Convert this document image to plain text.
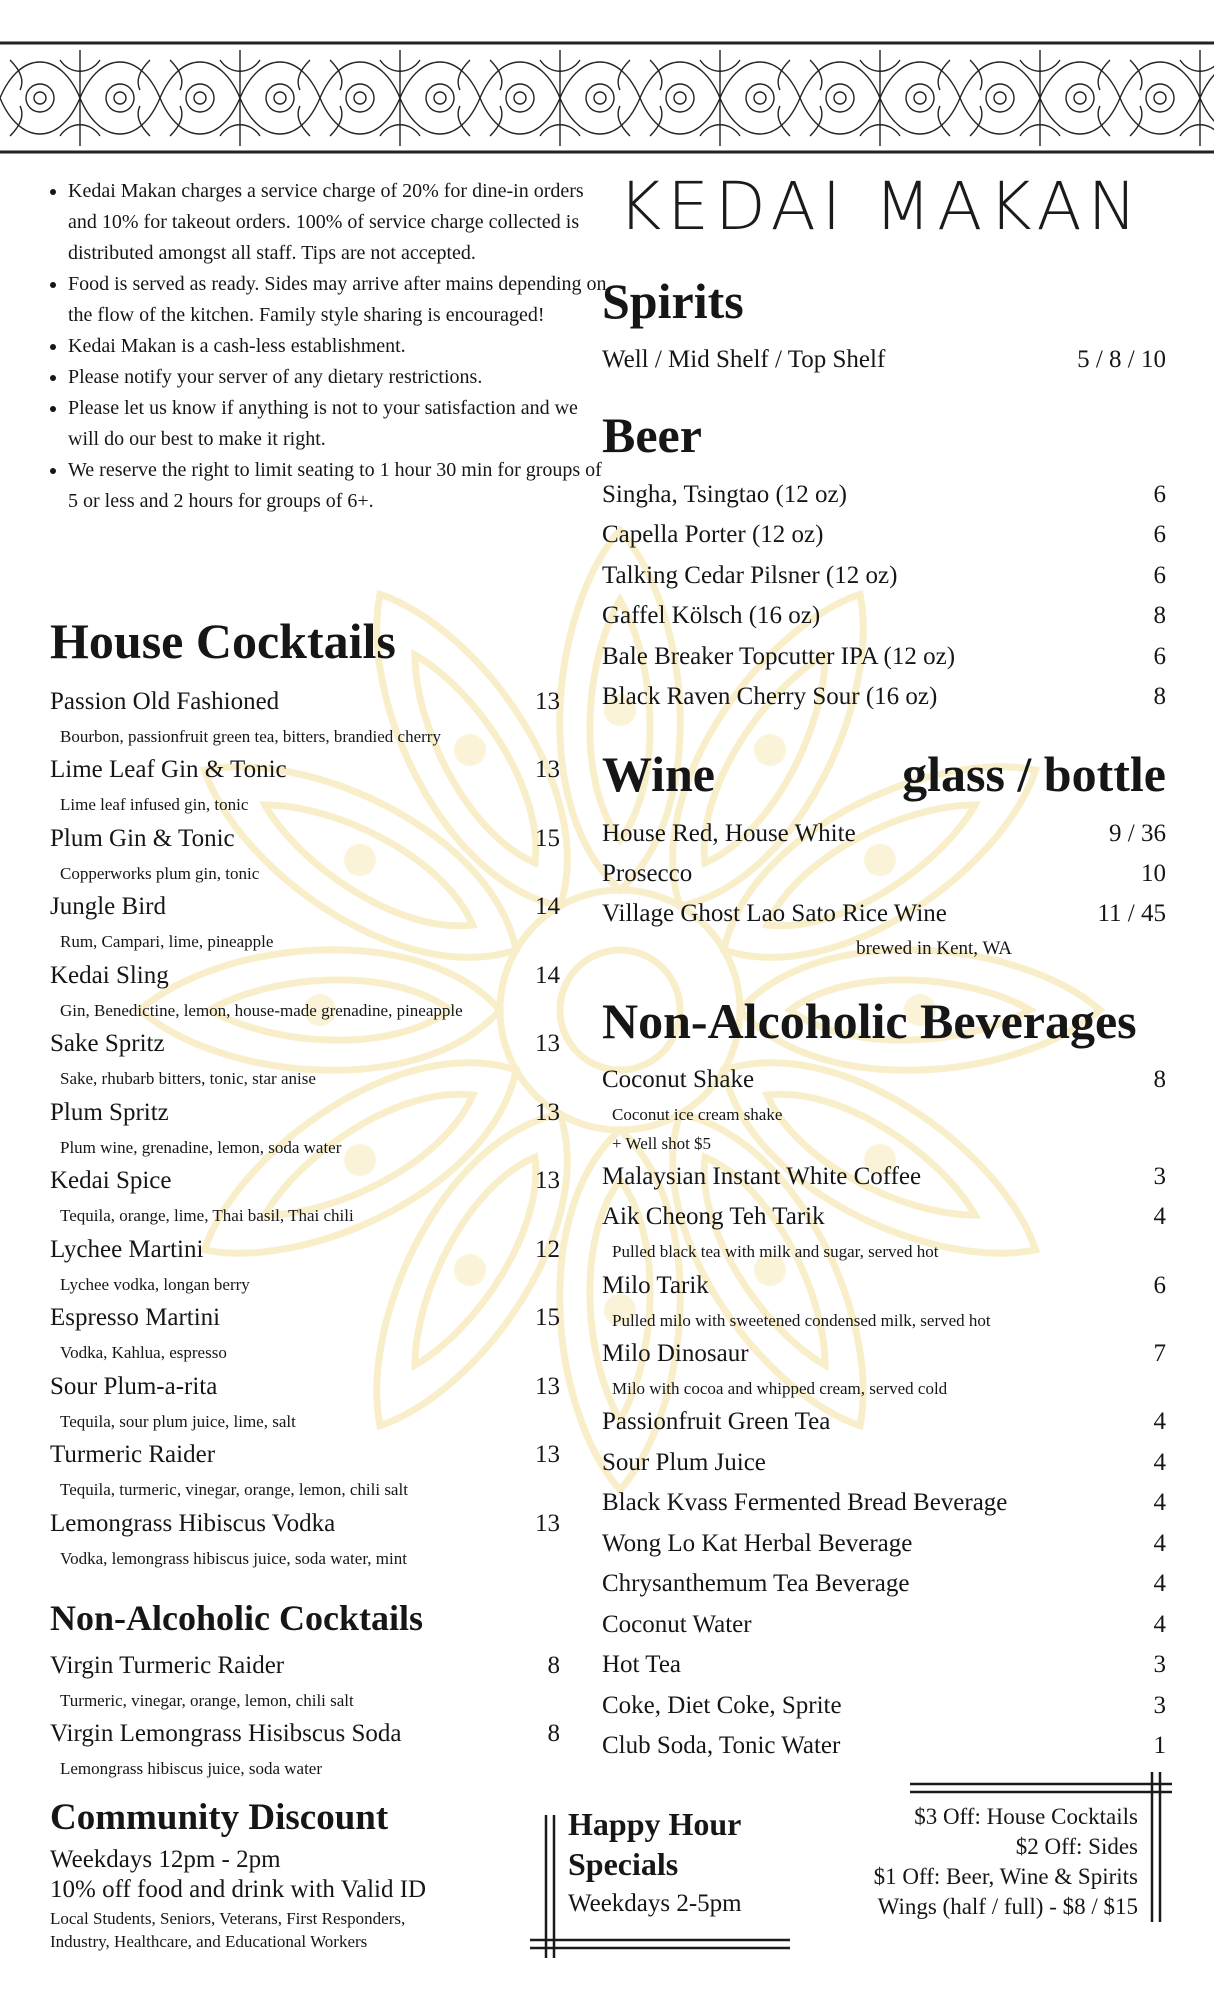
• Kedai Makan charges a service charge of 20% for dine-in orders and 10% for takeout orders. 100% of service charge collected is distributed amongst all staff. Tips are not accepted.
• Food is served as ready. Sides may arrive after mains depending on the flow of the kitchen. Family style sharing is encouraged!
• Kedai Makan is a cash-less establishment.
• Please notify your server of any dietary restrictions.
• Please let us know if anything is not to your satisfaction and we will do our best to make it right.
• We reserve the right to limit seating to 1 hour 30 min for groups of 5 or less and 2 hours for groups of 6+.
KEDAI MAKAN
House Cocktails
Passion Old Fashioned	13
Bourbon, passionfruit green tea, bitters, brandied cherry
Lime Leaf Gin & Tonic	13
Lime leaf infused gin, tonic
Plum Gin & Tonic	15
Copperworks plum gin, tonic
Jungle Bird	14
Rum, Campari, lime, pineapple
Kedai Sling	14
Gin, Benedictine, lemon, house-made grenadine, pineapple
Sake Spritz	13
Sake, rhubarb bitters, tonic, star anise
Plum Spritz	13
Plum wine, grenadine, lemon, soda water
Kedai Spice	13
Tequila, orange, lime, Thai basil, Thai chili
Lychee Martini	12
Lychee vodka, longan berry
Espresso Martini	15
Vodka, Kahlua, espresso
Sour Plum-a-rita	13
Tequila, sour plum juice, lime, salt
Turmeric Raider	13
Tequila, turmeric, vinegar, orange, lemon, chili salt
Lemongrass Hibiscus Vodka	13
Vodka, lemongrass hibiscus juice, soda water, mint
Non-Alcoholic Cocktails
Virgin Turmeric Raider	8
Turmeric, vinegar, orange, lemon, chili salt
Virgin Lemongrass Hisibscus Soda	8
Lemongrass hibiscus juice, soda water
Community Discount
Weekdays 12pm - 2pm
10% off food and drink with Valid ID
Local Students, Seniors, Veterans, First Responders,
Industry, Healthcare, and Educational Workers
Spirits
Well / Mid Shelf / Top Shelf	5 / 8 / 10
Beer
Singha, Tsingtao (12 oz)	6
Capella Porter (12 oz)	6
Talking Cedar Pilsner (12 oz)	6
Gaffel Kölsch (16 oz)	8
Bale Breaker Topcutter IPA (12 oz)	6
Black Raven Cherry Sour (16 oz)	8
Wine	glass / bottle
House Red, House White	9 / 36
Prosecco	10
Village Ghost Lao Sato Rice Wine	11 / 45
brewed in Kent, WA
Non-Alcoholic Beverages
Coconut Shake	8
Coconut ice cream shake
+ Well shot $5
Malaysian Instant White Coffee	3
Aik Cheong Teh Tarik	4
Pulled black tea with milk and sugar, served hot
Milo Tarik	6
Pulled milo with sweetened condensed milk, served hot
Milo Dinosaur	7
Milo with cocoa and whipped cream, served cold
Passionfruit Green Tea	4
Sour Plum Juice	4
Black Kvass Fermented Bread Beverage	4
Wong Lo Kat Herbal Beverage	4
Chrysanthemum Tea Beverage	4
Coconut Water	4
Hot Tea	3
Coke, Diet Coke, Sprite	3
Club Soda, Tonic Water	1
Happy Hour
Specials
Weekdays 2-5pm
$3 Off: House Cocktails
$2 Off: Sides
$1 Off: Beer, Wine & Spirits
Wings (half / full) - $8 / $15
